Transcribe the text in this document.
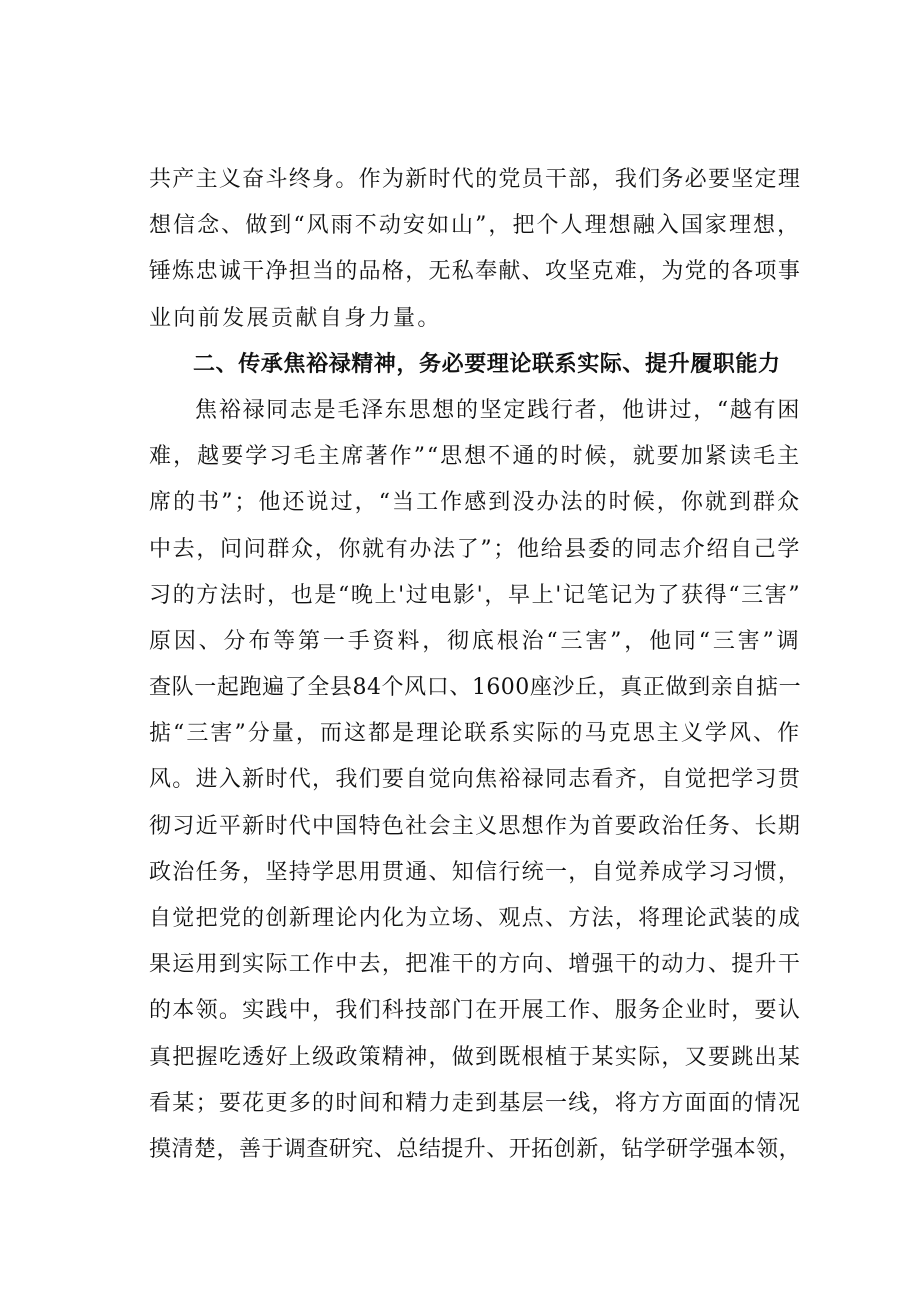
共产主义奋斗终身。作为新时代的党员干部，我们务必要坚定理
想信念、做到“风雨不动安如山”，把个人理想融入国家理想，
锤炼忠诚干净担当的品格，无私奉献、攻坚克难，为党的各项事
业向前发展贡献自身力量。
二、传承焦裕禄精神，务必要理论联系实际、提升履职能力
焦裕禄同志是毛泽东思想的坚定践行者，他讲过，“越有困
难，越要学习毛主席著作”“思想不通的时候，就要加紧读毛主
席的书”；他还说过，“当工作感到没办法的时候，你就到群众
中去，问问群众，你就有办法了”；他给县委的同志介绍自己学
习的方法时，也是“晚上'过电影'，早上'记笔记为了获得“三害”
原因、分布等第一手资料，彻底根治“三害”，他同“三害”调
查队一起跑遍了全县84个风口、1600座沙丘，真正做到亲自掂一
掂“三害”分量，而这都是理论联系实际的马克思主义学风、作
风。进入新时代，我们要自觉向焦裕禄同志看齐，自觉把学习贯
彻习近平新时代中国特色社会主义思想作为首要政治任务、长期
政治任务，坚持学思用贯通、知信行统一，自觉养成学习习惯，
自觉把党的创新理论内化为立场、观点、方法，将理论武装的成
果运用到实际工作中去，把准干的方向、增强干的动力、提升干
的本领。实践中，我们科技部门在开展工作、服务企业时，要认
真把握吃透好上级政策精神，做到既根植于某实际，又要跳出某
看某；要花更多的时间和精力走到基层一线，将方方面面的情况
摸清楚，善于调查研究、总结提升、开拓创新，钻学研学强本领，
